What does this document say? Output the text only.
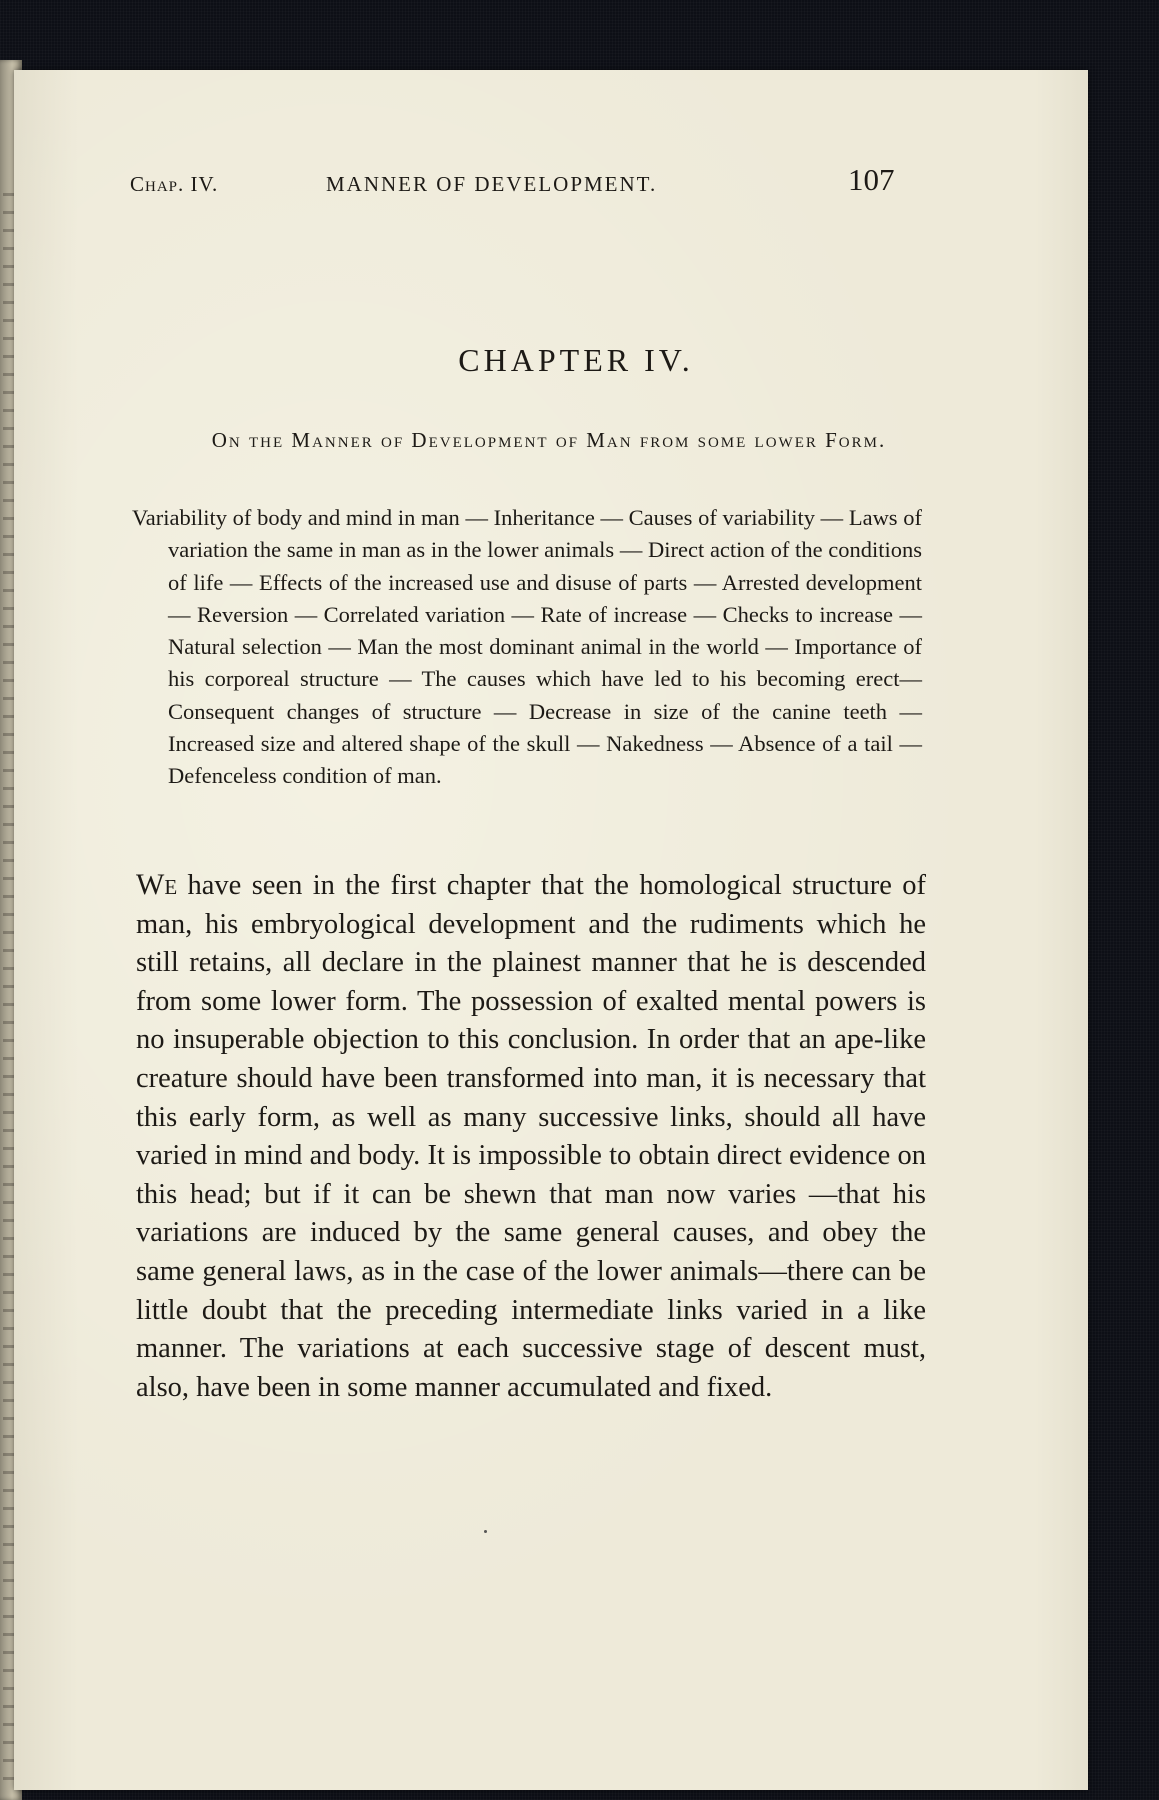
Chap. IV.	MANNER OF DEVELOPMENT.	107
CHAPTER IV.
On the Manner of Development of Man from some lower Form.
Variability of body and mind in man — Inheritance — Causes of variability — Laws of variation the same in man as in the lower animals — Direct action of the conditions of life — Effects of the increased use and disuse of parts — Arrested development — Reversion — Correlated variation — Rate of increase — Checks to increase — Natural selection — Man the most dominant animal in the world — Importance of his corporeal structure — The causes which have led to his becoming erect—Consequent changes of structure — Decrease in size of the canine teeth — Increased size and altered shape of the skull — Nakedness — Absence of a tail — Defenceless condition of man.
We have seen in the first chapter that the homological structure of man, his embryological development and the rudiments which he still retains, all declare in the plainest manner that he is descended from some lower form. The possession of exalted mental powers is no insuperable objection to this conclusion. In order that an ape-like creature should have been transformed into man, it is necessary that this early form, as well as many successive links, should all have varied in mind and body. It is impossible to obtain direct evidence on this head; but if it can be shewn that man now varies —that his variations are induced by the same general causes, and obey the same general laws, as in the case of the lower animals—there can be little doubt that the preceding intermediate links varied in a like manner. The variations at each successive stage of descent must, also, have been in some manner accumulated and fixed.
